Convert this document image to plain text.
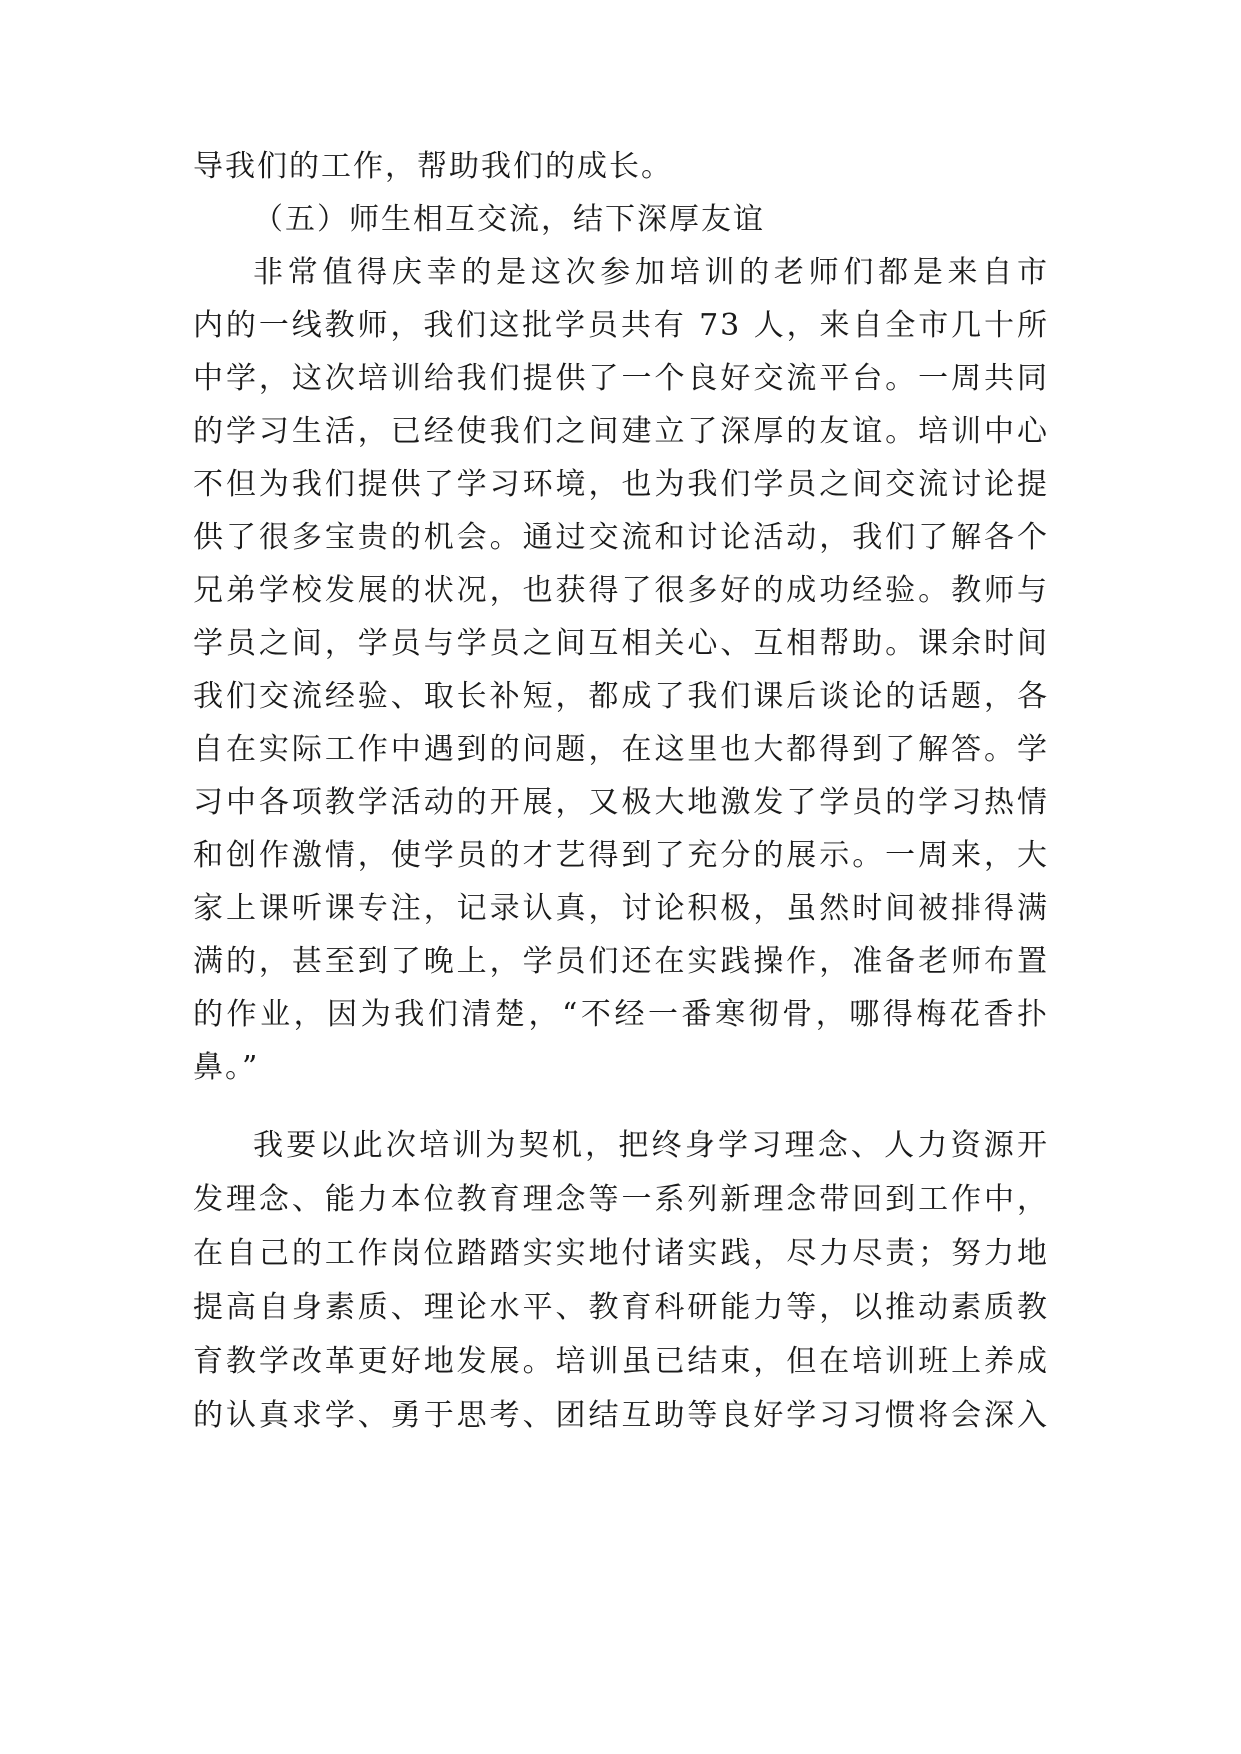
导我们的工作，帮助我们的成长。
（五）师生相互交流，结下深厚友谊
非常值得庆幸的是这次参加培训的老师们都是来自市
内的一线教师，我们这批学员共有 73 人，来自全市几十所
中学，这次培训给我们提供了一个良好交流平台。一周共同
的学习生活，已经使我们之间建立了深厚的友谊。培训中心
不但为我们提供了学习环境，也为我们学员之间交流讨论提
供了很多宝贵的机会。通过交流和讨论活动，我们了解各个
兄弟学校发展的状况，也获得了很多好的成功经验。教师与
学员之间，学员与学员之间互相关心、互相帮助。课余时间
我们交流经验、取长补短，都成了我们课后谈论的话题，各
自在实际工作中遇到的问题，在这里也大都得到了解答。学
习中各项教学活动的开展，又极大地激发了学员的学习热情
和创作激情，使学员的才艺得到了充分的展示。一周来，大
家上课听课专注，记录认真，讨论积极，虽然时间被排得满
满的，甚至到了晚上，学员们还在实践操作，准备老师布置
的作业，因为我们清楚，“不经一番寒彻骨，哪得梅花香扑
鼻。”
我要以此次培训为契机，把终身学习理念、人力资源开
发理念、能力本位教育理念等一系列新理念带回到工作中，
在自己的工作岗位踏踏实实地付诸实践，尽力尽责；努力地
提高自身素质、理论水平、教育科研能力等，以推动素质教
育教学改革更好地发展。培训虽已结束，但在培训班上养成
的认真求学、勇于思考、团结互助等良好学习习惯将会深入
